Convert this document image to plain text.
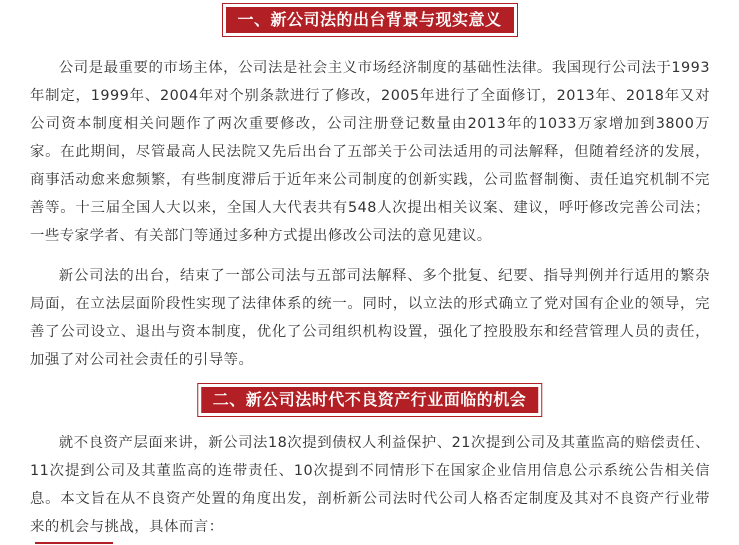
一、新公司法的出台背景与现实意义

公司是最重要的市场主体，公司法是社会主义市场经济制度的基础性法律。我国现行公司法于1993年制定，1999年、2004年对个别条款进行了修改，2005年进行了全面修订，2013年、2018年又对公司资本制度相关问题作了两次重要修改，公司注册登记数量由2013年的1033万家增加到3800万家。在此期间，尽管最高人民法院又先后出台了五部关于公司法适用的司法解释，但随着经济的发展，商事活动愈来愈频繁，有些制度滞后于近年来公司制度的创新实践，公司监督制衡、责任追究机制不完善等。十三届全国人大以来，全国人大代表共有548人次提出相关议案、建议，呼吁修改完善公司法；一些专家学者、有关部门等通过多种方式提出修改公司法的意见建议。

新公司法的出台，结束了一部公司法与五部司法解释、多个批复、纪要、指导判例并行适用的繁杂局面，在立法层面阶段性实现了法律体系的统一。同时，以立法的形式确立了党对国有企业的领导，完善了公司设立、退出与资本制度，优化了公司组织机构设置，强化了控股股东和经营管理人员的责任，加强了对公司社会责任的引导等。

二、新公司法时代不良资产行业面临的机会

就不良资产层面来讲，新公司法18次提到债权人利益保护、21次提到公司及其董监高的赔偿责任、11次提到公司及其董监高的连带责任、10次提到不同情形下在国家企业信用信息公示系统公告相关信息。本文旨在从不良资产处置的角度出发，剖析新公司法时代公司人格否定制度及其对不良资产行业带来的机会与挑战，具体而言：
